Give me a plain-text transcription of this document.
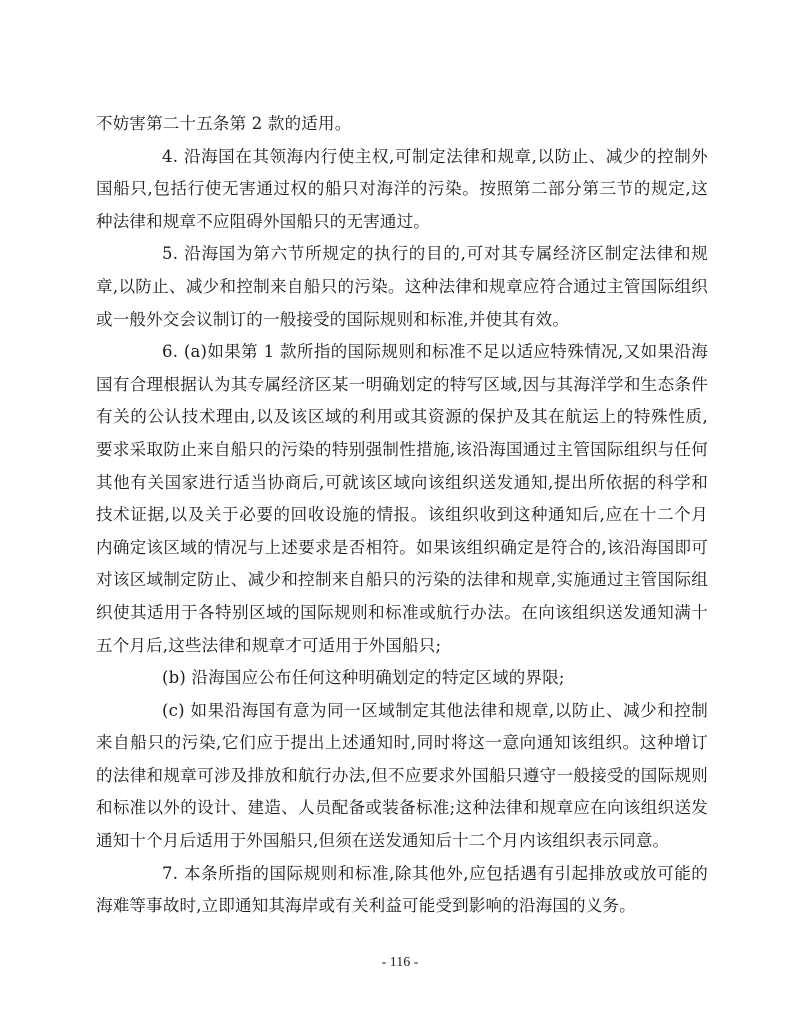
不妨害第二十五条第 2 款的适用。

4. 沿海国在其领海内行使主权,可制定法律和规章,以防止、减少的控制外国船只,包括行使无害通过权的船只对海洋的污染。按照第二部分第三节的规定,这种法律和规章不应阻碍外国船只的无害通过。

5. 沿海国为第六节所规定的执行的目的,可对其专属经济区制定法律和规章,以防止、减少和控制来自船只的污染。这种法律和规章应符合通过主管国际组织或一般外交会议制订的一般接受的国际规则和标准,并使其有效。

6. (a)如果第 1 款所指的国际规则和标准不足以适应特殊情况,又如果沿海国有合理根据认为其专属经济区某一明确划定的特写区域,因与其海洋学和生态条件有关的公认技术理由,以及该区域的利用或其资源的保护及其在航运上的特殊性质,要求采取防止来自船只的污染的特别强制性措施,该沿海国通过主管国际组织与任何其他有关国家进行适当协商后,可就该区域向该组织送发通知,提出所依据的科学和技术证据,以及关于必要的回收设施的情报。该组织收到这种通知后,应在十二个月内确定该区域的情况与上述要求是否相符。如果该组织确定是符合的,该沿海国即可对该区域制定防止、减少和控制来自船只的污染的法律和规章,实施通过主管国际组织使其适用于各特别区域的国际规则和标准或航行办法。在向该组织送发通知满十五个月后,这些法律和规章才可适用于外国船只;

(b) 沿海国应公布任何这种明确划定的特定区域的界限;

(c) 如果沿海国有意为同一区域制定其他法律和规章,以防止、减少和控制来自船只的污染,它们应于提出上述通知时,同时将这一意向通知该组织。这种增订的法律和规章可涉及排放和航行办法,但不应要求外国船只遵守一般接受的国际规则和标准以外的设计、建造、人员配备或装备标准;这种法律和规章应在向该组织送发通知十个月后适用于外国船只,但须在送发通知后十二个月内该组织表示同意。

7. 本条所指的国际规则和标准,除其他外,应包括遇有引起排放或放可能的海难等事故时,立即通知其海岸或有关利益可能受到影响的沿海国的义务。

- 116 -
